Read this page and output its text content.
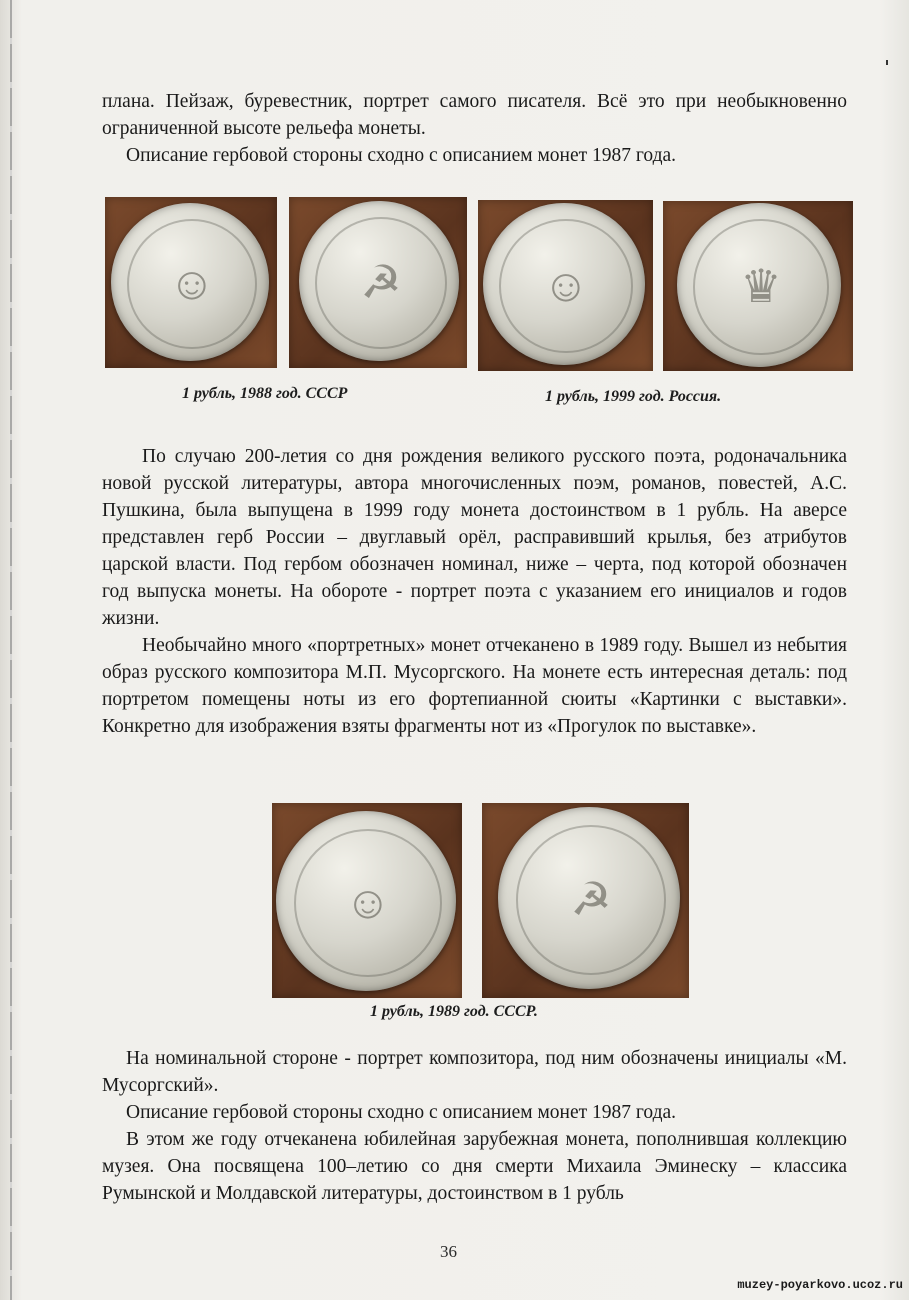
плана. Пейзаж, буревестник, портрет самого писателя. Всё это при необыкновенно ограниченной высоте рельефа монеты.

Описание гербовой стороны сходно с описанием монет 1987 года.

☺	☭	☺	♛
1 рубль, 1988 год. СССР	1 рубль, 1999 год. Россия.

По случаю 200-летия со дня рождения великого русского поэта, родоначальника новой русской литературы, автора многочисленных поэм, романов, повестей, А.С. Пушкина, была выпущена в 1999 году монета достоинством в 1 рубль. На аверсе представлен герб России – двуглавый орёл, расправивший крылья, без атрибутов царской власти. Под гербом обозначен номинал, ниже – черта, под которой обозначен год выпуска монеты. На обороте - портрет поэта с указанием его инициалов и годов жизни.

Необычайно много «портретных» монет отчеканено в 1989 году. Вышел из небытия образ русского композитора М.П. Мусоргского. На монете есть интересная деталь: под портретом помещены ноты из его фортепианной сюиты «Картинки с выставки». Конкретно для изображения взяты фрагменты нот из «Прогулок по выставке».

☺	☭
1 рубль, 1989 год. СССР.

На номинальной стороне - портрет композитора, под ним обозначены инициалы «М. Мусоргский».

Описание гербовой стороны сходно с описанием монет 1987 года.

В этом же году отчеканена юбилейная зарубежная монета, пополнившая коллекцию музея. Она посвящена 100–летию со дня смерти Михаила Эминеску – классика Румынской и Молдавской литературы, достоинством в 1 рубль

36
muzey-poyarkovo.ucoz.ru
